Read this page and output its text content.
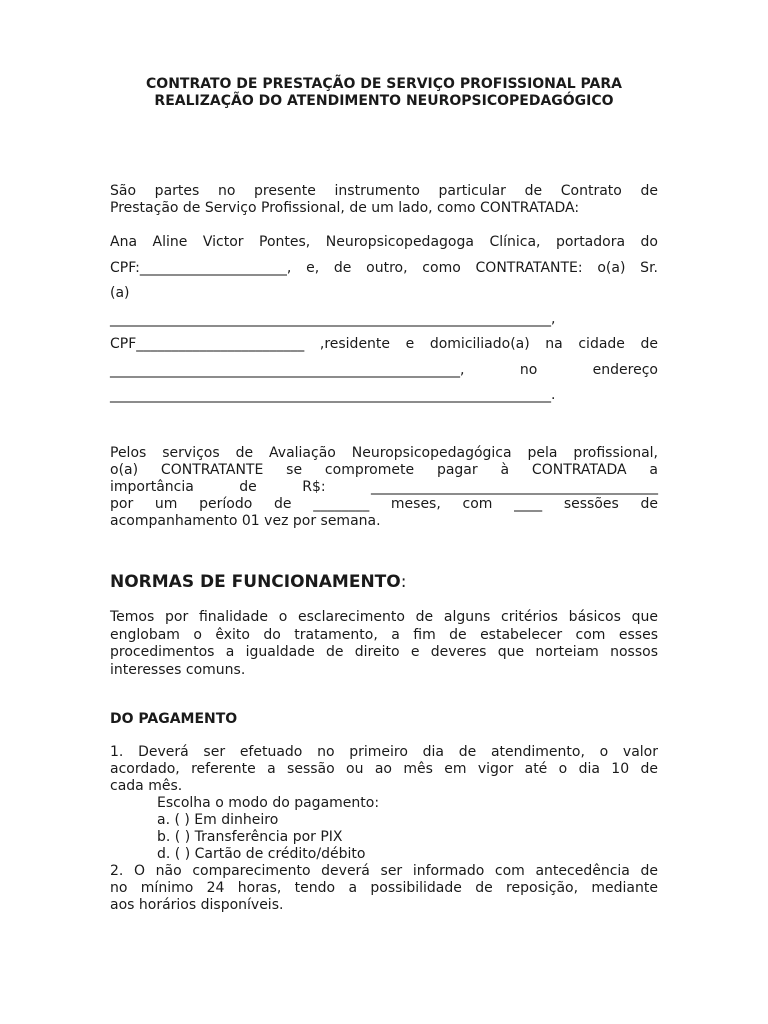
CONTRATO DE PRESTAÇÃO DE SERVIÇO PROFISSIONAL PARA
REALIZAÇÃO DO ATENDIMENTO NEUROPSICOPEDAGÓGICO
São partes no presente instrumento particular de Contrato de
Prestação de Serviço Profissional, de um lado, como CONTRATADA:
Ana Aline Victor Pontes, Neuropsicopedagoga Clínica, portadora do
CPF:_____________________, e, de outro, como CONTRATANTE: o(a) Sr.
(a)
_______________________________________________________________,
CPF________________________ ,residente e domiciliado(a) na cidade de
__________________________________________________, no endereço
_______________________________________________________________.
Pelos serviços de Avaliação Neuropsicopedagógica pela profissional,
o(a) CONTRATANTE se compromete pagar à CONTRATADA a
importância de R$: _________________________________________
por um período de ________ meses, com ____ sessões de
acompanhamento 01 vez por semana.
NORMAS DE FUNCIONAMENTO:
Temos por finalidade o esclarecimento de alguns critérios básicos que
englobam o êxito do tratamento, a fim de estabelecer com esses
procedimentos a igualdade de direito e deveres que norteiam nossos
interesses comuns.
DO PAGAMENTO
1. Deverá ser efetuado no primeiro dia de atendimento, o valor
acordado, referente a sessão ou ao mês em vigor até o dia 10 de
cada mês.
Escolha o modo do pagamento:
a. ( ) Em dinheiro
b. ( ) Transferência por PIX
d. ( ) Cartão de crédito/débito
2. O não comparecimento deverá ser informado com antecedência de
no mínimo 24 horas, tendo a possibilidade de reposição, mediante
aos horários disponíveis.
